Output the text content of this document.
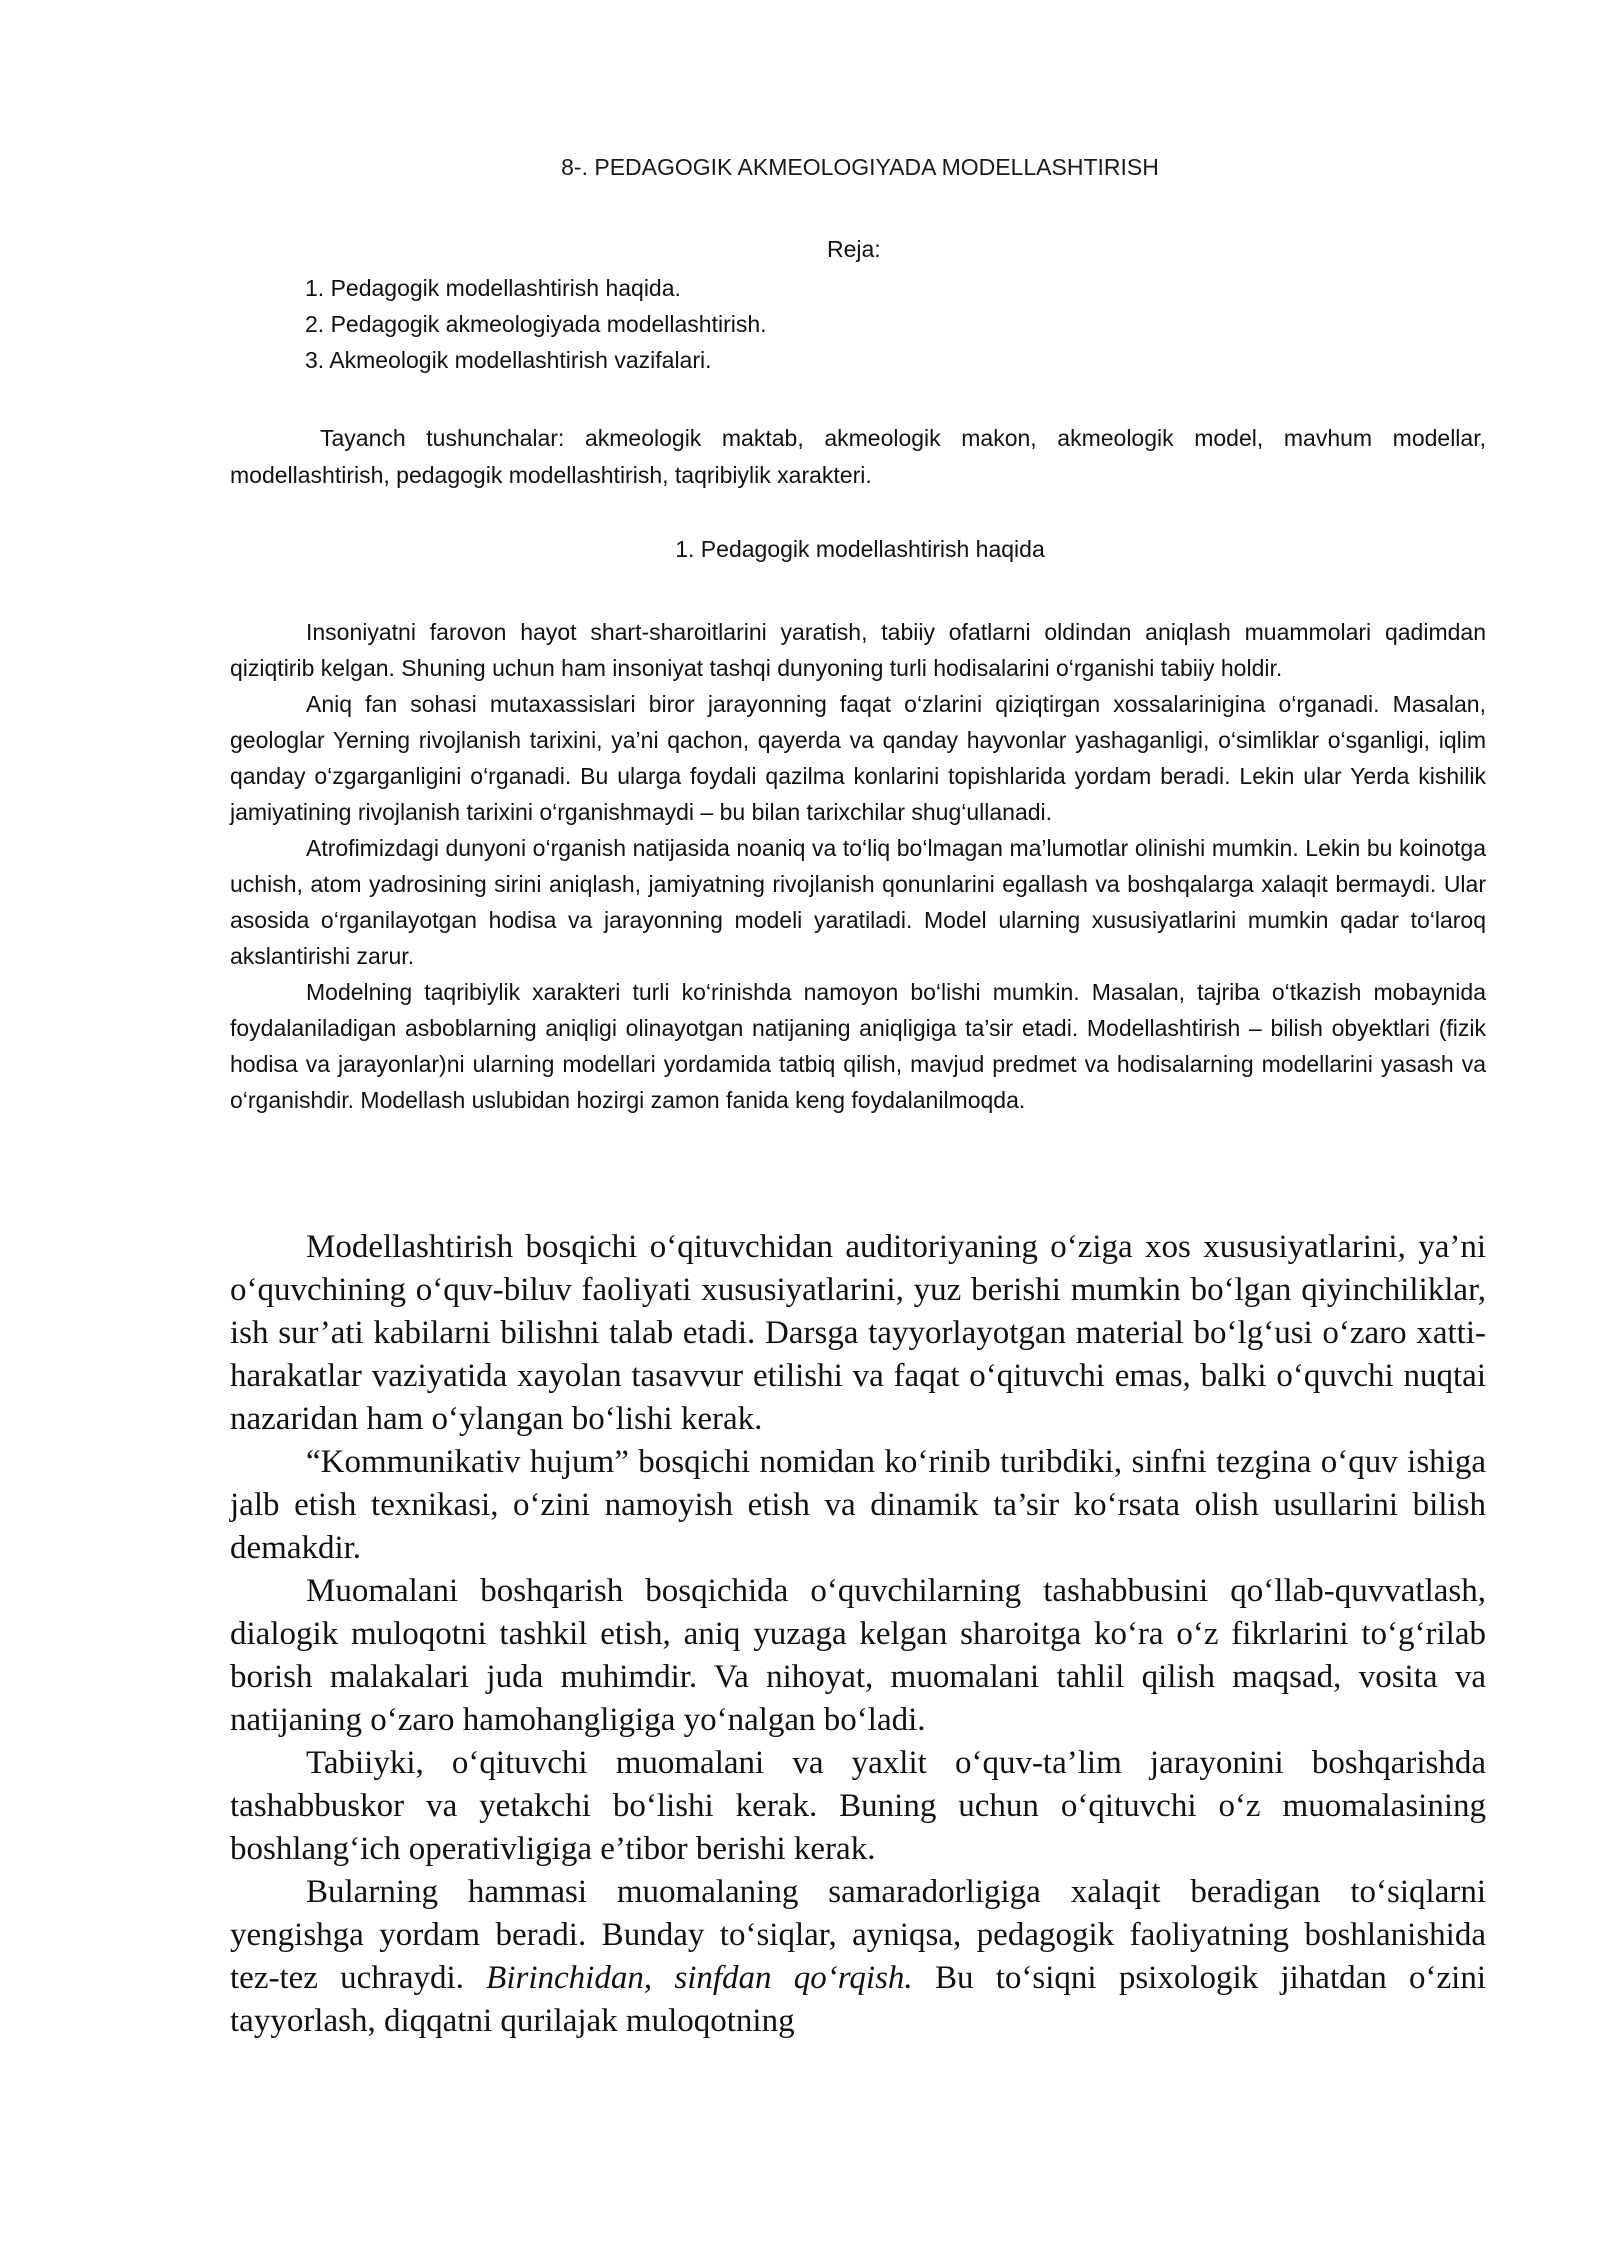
8-. PEDAGOGIK AKMEOLOGIYADA MODELLASHTIRISH
Reja:
1. Pedagogik modellashtirish haqida.
2. Pedagogik akmeologiyada modellashtirish.
3. Akmeologik modellashtirish vazifalari.
Tayanch tushunchalar: akmeologik maktab, akmeologik makon, akmeologik model, mavhum modellar, modellashtirish, pedagogik modellashtirish, taqribiylik xarakteri.
1. Pedagogik modellashtirish haqida

Insoniyatni farovon hayot shart-sharoitlarini yaratish, tabiiy ofatlarni oldindan aniqlash muammolari qadimdan qiziqtirib kelgan. Shuning uchun ham insoniyat tashqi dunyoning turli hodisalarini o‘rganishi tabiiy holdir.

Aniq fan sohasi mutaxassislari biror jarayonning faqat o‘zlarini qiziqtirgan xossalarinigina o‘rganadi. Masalan, geologlar Yerning rivojlanish tarixini, ya’ni qachon, qayerda va qanday hayvonlar yashaganligi, o‘simliklar o‘sganligi, iqlim qanday o‘zgarganligini o‘rganadi. Bu ularga foydali qazilma konlarini topishlarida yordam beradi. Lekin ular Yerda kishilik jamiyatining rivojlanish tarixini o‘rganishmaydi – bu bilan tarixchilar shug‘ullanadi.

Atrofimizdagi dunyoni o‘rganish natijasida noaniq va to‘liq bo‘lmagan ma’lumotlar olinishi mumkin. Lekin bu koinotga uchish, atom yadrosining sirini aniqlash, jamiyatning rivojlanish qonunlarini egallash va boshqalarga xalaqit bermaydi. Ular asosida o‘rganilayotgan hodisa va jarayonning modeli yaratiladi. Model ularning xususiyatlarini mumkin qadar to‘laroq akslantirishi zarur.

Modelning taqribiylik xarakteri turli ko‘rinishda namoyon bo‘lishi mumkin. Masalan, tajriba o‘tkazish mobaynida foydalaniladigan asboblarning aniqligi olinayotgan natijaning aniqligiga ta’sir etadi. Modellashtirish – bilish obyektlari (fizik hodisa va jarayonlar)ni ularning modellari yordamida tatbiq qilish, mavjud predmet va hodisalarning modellarini yasash va o‘rganishdir. Modellash uslubidan hozirgi zamon fanida keng foydalanilmoqda.

Modellashtirish bosqichi o‘qituvchidan auditoriyaning o‘ziga xos xususiyatlarini, ya’ni o‘quvchining o‘quv-biluv faoliyati xususiyatlarini, yuz berishi mumkin bo‘lgan qiyinchiliklar, ish sur’ati kabilarni bilishni talab etadi. Darsga tayyorlayotgan material bo‘lg‘usi o‘zaro xatti-harakatlar vaziyatida xayolan tasavvur etilishi va faqat o‘qituvchi emas, balki o‘quvchi nuqtai nazaridan ham o‘ylangan bo‘lishi kerak.

“Kommunikativ hujum” bosqichi nomidan ko‘rinib turibdiki, sinfni tezgina o‘quv ishiga jalb etish texnikasi, o‘zini namoyish etish va dinamik ta’sir ko‘rsata olish usullarini bilish demakdir.

Muomalani boshqarish bosqichida o‘quvchilarning tashabbusini qo‘llab-quvvatlash, dialogik muloqotni tashkil etish, aniq yuzaga kelgan sharoitga ko‘ra o‘z fikrlarini to‘g‘rilab borish malakalari juda muhimdir. Va nihoyat, muomalani tahlil qilish maqsad, vosita va natijaning o‘zaro hamohangligiga yo‘nalgan bo‘ladi.

Tabiiyki, o‘qituvchi muomalani va yaxlit o‘quv-ta’lim jarayonini boshqarishda tashabbuskor va yetakchi bo‘lishi kerak. Buning uchun o‘qituvchi o‘z muomalasining boshlang‘ich operativligiga e’tibor berishi kerak.

Bularning hammasi muomalaning samaradorligiga xalaqit beradigan to‘siqlarni yengishga yordam beradi. Bunday to‘siqlar, ayniqsa, pedagogik faoliyatning boshlanishida tez-tez uchraydi. Birinchidan, sinfdan qo‘rqish. Bu to‘siqni psixologik jihatdan o‘zini tayyorlash, diqqatni qurilajak muloqotning
